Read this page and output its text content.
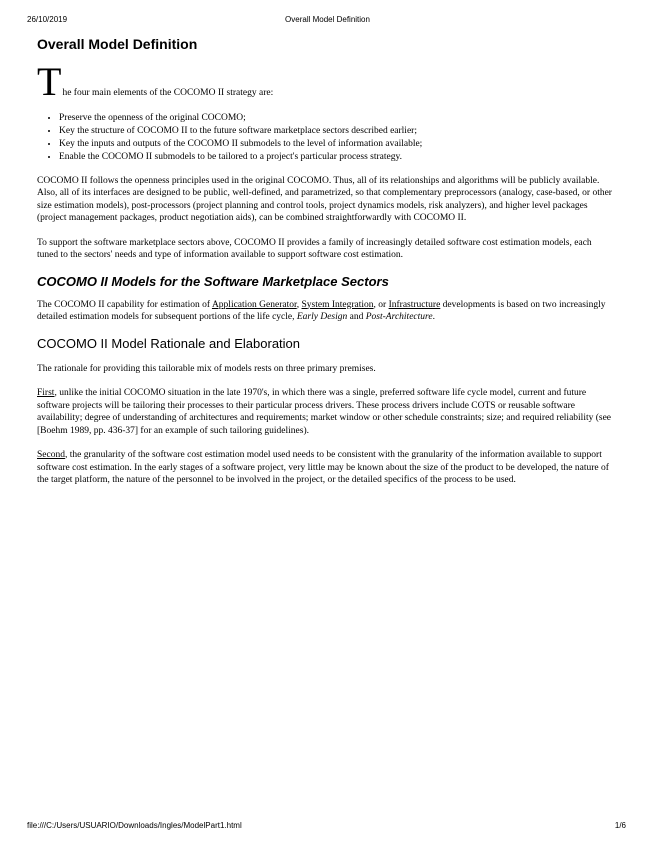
26/10/2019	Overall Model Definition
Overall Model Definition

The four main elements of the COCOMO II strategy are:

• Preserve the openness of the original COCOMO;
• Key the structure of COCOMO II to the future software marketplace sectors described earlier;
• Key the inputs and outputs of the COCOMO II submodels to the level of information available;
• Enable the COCOMO II submodels to be tailored to a project's particular process strategy.

COCOMO II follows the openness principles used in the original COCOMO. Thus, all of its relationships and algorithms will be publicly available. Also, all of its interfaces are designed to be public, well-defined, and parametrized, so that complementary preprocessors (analogy, case-based, or other size estimation models), post-processors (project planning and control tools, project dynamics models, risk analyzers), and higher level packages (project management packages, product negotiation aids), can be combined straightforwardly with COCOMO II.

To support the software marketplace sectors above, COCOMO II provides a family of increasingly detailed software cost estimation models, each tuned to the sectors' needs and type of information available to support software cost estimation.

COCOMO II Models for the Software Marketplace Sectors

The COCOMO II capability for estimation of Application Generator, System Integration, or Infrastructure developments is based on two increasingly detailed estimation models for subsequent portions of the life cycle, Early Design and Post-Architecture.

COCOMO II Model Rationale and Elaboration

The rationale for providing this tailorable mix of models rests on three primary premises.

First, unlike the initial COCOMO situation in the late 1970's, in which there was a single, preferred software life cycle model, current and future software projects will be tailoring their processes to their particular process drivers. These process drivers include COTS or reusable software availability; degree of understanding of architectures and requirements; market window or other schedule constraints; size; and required reliability (see [Boehm 1989, pp. 436-37] for an example of such tailoring guidelines).

Second, the granularity of the software cost estimation model used needs to be consistent with the granularity of the information available to support software cost estimation. In the early stages of a software project, very little may be known about the size of the product to be developed, the nature of the target platform, the nature of the personnel to be involved in the project, or the detailed specifics of the process to be used.

file:///C:/Users/USUARIO/Downloads/Ingles/ModelPart1.html	1/6
